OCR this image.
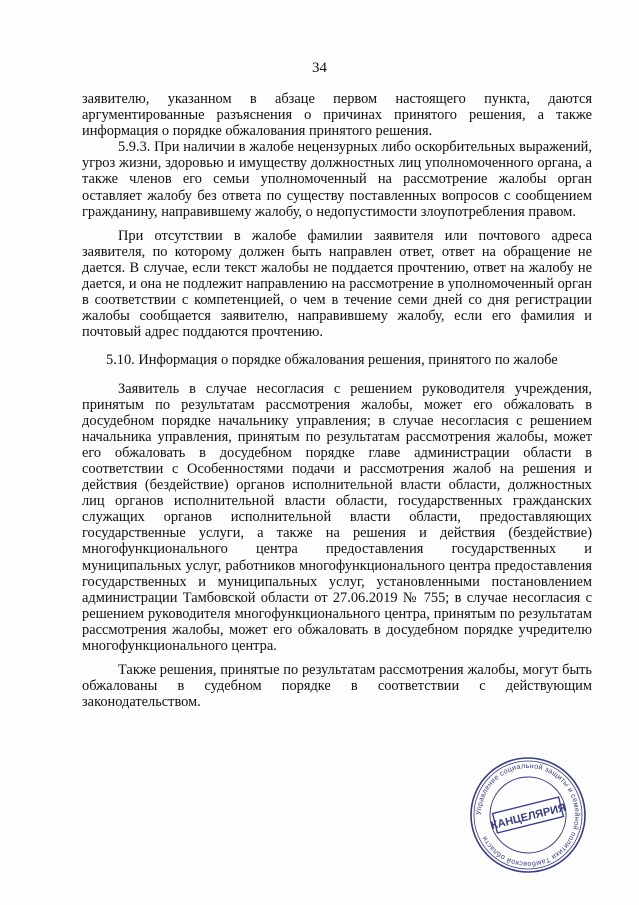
34

заявителю, указанном в абзаце первом настоящего пункта, даются аргументированные разъяснения о причинах принятого решения, а также информация о порядке обжалования принятого решения.

5.9.3. При наличии в жалобе нецензурных либо оскорбительных выражений, угроз жизни, здоровью и имуществу должностных лиц уполномоченного органа, а также членов его семьи уполномоченный на рассмотрение жалобы орган оставляет жалобу без ответа по существу поставленных вопросов с сообщением гражданину, направившему жалобу, о недопустимости злоупотребления правом.

При отсутствии в жалобе фамилии заявителя или почтового адреса заявителя, по которому должен быть направлен ответ, ответ на обращение не дается. В случае, если текст жалобы не поддается прочтению, ответ на жалобу не дается, и она не подлежит направлению на рассмотрение в уполномоченный орган в соответствии с компетенцией, о чем в течение семи дней со дня регистрации жалобы сообщается заявителю, направившему жалобу, если его фамилия и почтовый адрес поддаются прочтению.

5.10. Информация о порядке обжалования решения, принятого по жалобе

Заявитель в случае несогласия с решением руководителя учреждения, принятым по результатам рассмотрения жалобы, может его обжаловать в досудебном порядке начальнику управления; в случае несогласия с решением начальника управления, принятым по результатам рассмотрения жалобы, может его обжаловать в досудебном порядке главе администрации области в соответствии с Особенностями подачи и рассмотрения жалоб на решения и действия (бездействие) органов исполнительной власти области, должностных лиц органов исполнительной власти области, государственных гражданских служащих органов исполнительной власти области, предоставляющих государственные услуги, а также на решения и действия (бездействие) многофункционального центра предоставления государственных и муниципальных услуг, работников многофункционального центра предоставления государственных и муниципальных услуг, установленными постановлением администрации Тамбовской области от 27.06.2019 № 755; в случае несогласия с решением руководителя многофункционального центра, принятым по результатам рассмотрения жалобы, может его обжаловать в досудебном порядке учредителю многофункционального центра.

Также решения, принятые по результатам рассмотрения жалобы, могут быть обжалованы в судебном порядке в соответствии с действующим законодательством.

Управление социальной защиты и семейной политики Тамбовской области
КАНЦЕЛЯРИЯ
